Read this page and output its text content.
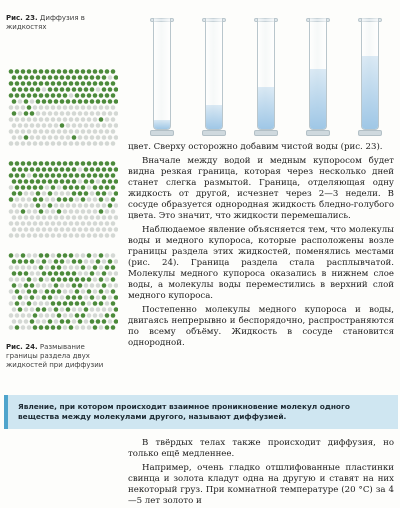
Рис. 23. Диффузия в жидкостях
Рис. 24. Размывание границы раздела двух жидкостей при диффузии

цвет. Сверху осторожно добавим чистой воды (рис. 23).

Вначале между водой и медным купоросом будет видна резкая граница, которая через несколько дней станет слегка размытой. Граница, отделяющая одну жидкость от другой, исчезнет через 2—3 недели. В сосуде образуется однородная жидкость бледно-голубого цвета. Это значит, что жидкости перемешались.

Наблюдаемое явление объясняется тем, что молекулы воды и медного купороса, которые расположены возле границы раздела этих жидкостей, поменялись местами (рис. 24). Граница раздела стала расплывчатой. Молекулы медного купороса оказались в нижнем слое воды, а молекулы воды переместились в верхний слой медного купороса.

Постепенно молекулы медного купороса и воды, двигаясь непрерывно и беспорядочно, распространяются по всему объёму. Жидкость в сосуде становится однородной.

Явление, при котором происходит взаимное проникновение молекул одного вещества между молекулами другого, называют диффузией.

В твёрдых телах также происходит диффузия, но только ещё медленнее.

Например, очень гладко отшлифованные пластинки свинца и золота кладут одна на другую и ставят на них некоторый груз. При комнатной температуре (20 °С) за 4—5 лет золото и
